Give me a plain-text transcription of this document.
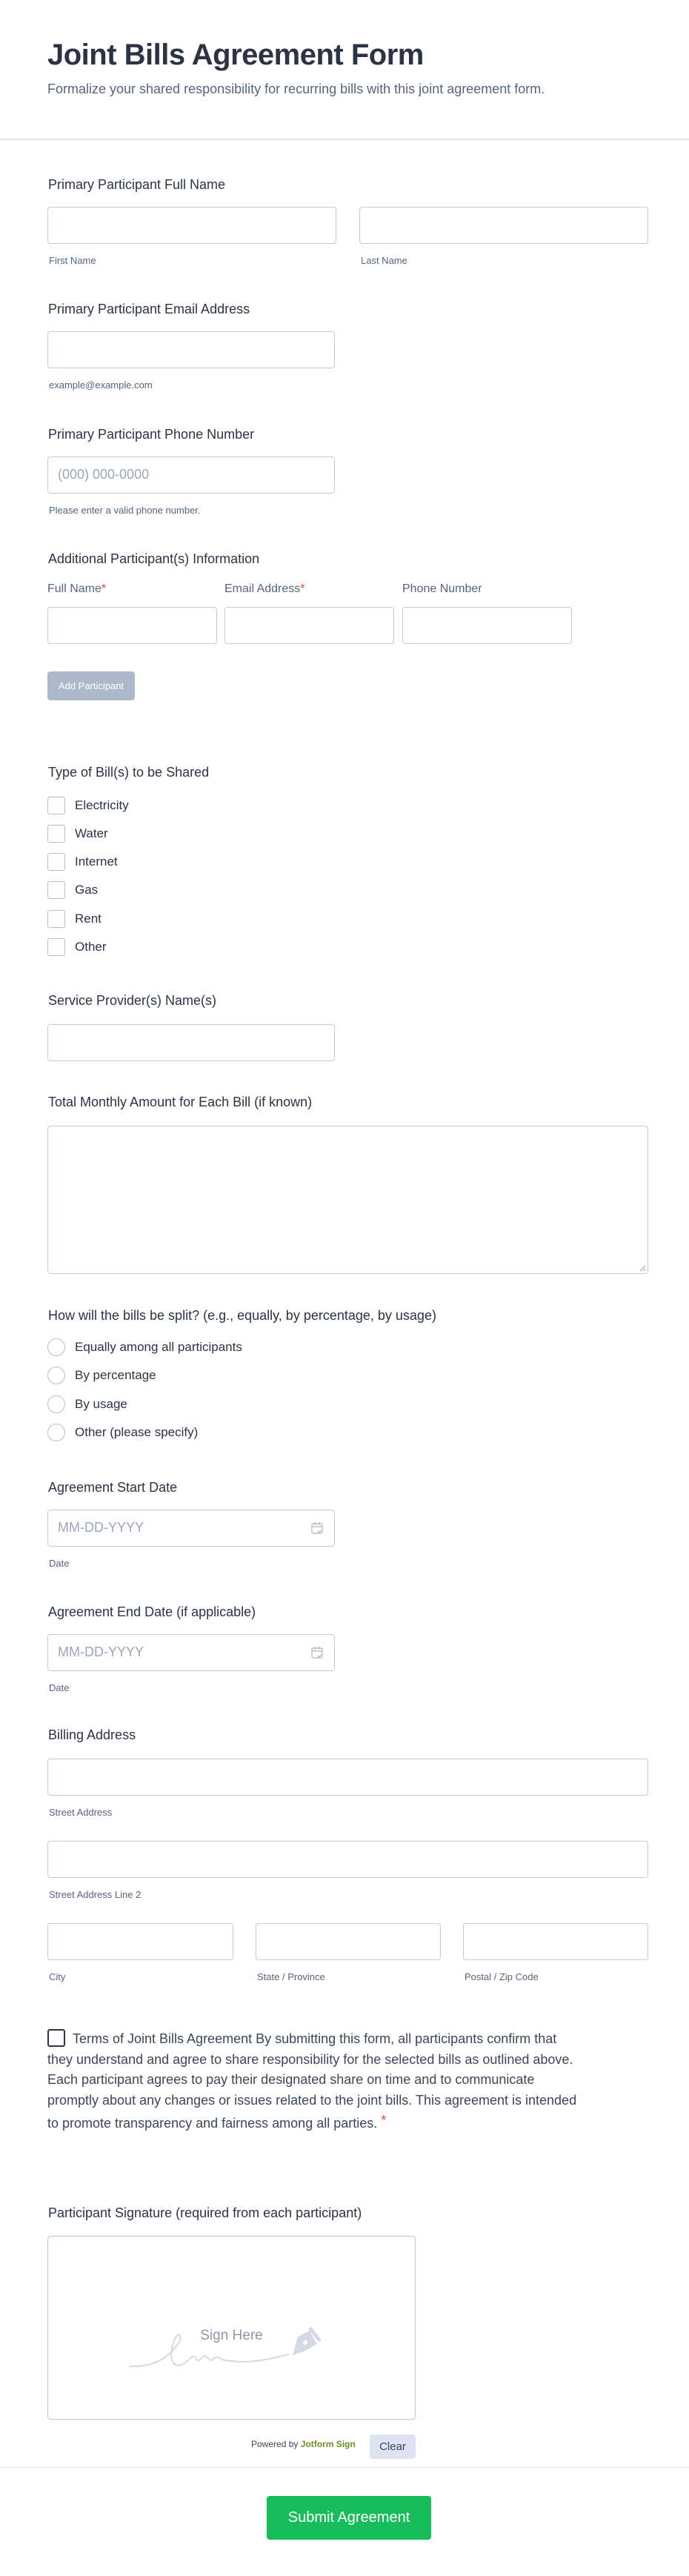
Joint Bills Agreement Form
Formalize your shared responsibility for recurring bills with this joint agreement form.
Primary Participant Full Name
First Name	Last Name
Primary Participant Email Address
example@example.com
Primary Participant Phone Number
(000) 000-0000
Please enter a valid phone number.
Additional Participant(s) Information
Full Name*	Email Address*	Phone Number
Add Participant
Type of Bill(s) to be Shared
Electricity
Water
Internet
Gas
Rent
Other
Service Provider(s) Name(s)
Total Monthly Amount for Each Bill (if known)
How will the bills be split? (e.g., equally, by percentage, by usage)
Equally among all participants
By percentage
By usage
Other (please specify)
Agreement Start Date
MM-DD-YYYY
Date
Agreement End Date (if applicable)
MM-DD-YYYY
Date
Billing Address
Street Address
Street Address Line 2
City	State / Province	Postal / Zip Code
Terms of Joint Bills Agreement By submitting this form, all participants confirm that they understand and agree to share responsibility for the selected bills as outlined above. Each participant agrees to pay their designated share on time and to communicate promptly about any changes or issues related to the joint bills. This agreement is intended to promote transparency and fairness among all parties. *
Participant Signature (required from each participant)
Sign Here
Powered by Jotform Sign	Clear
Submit Agreement
